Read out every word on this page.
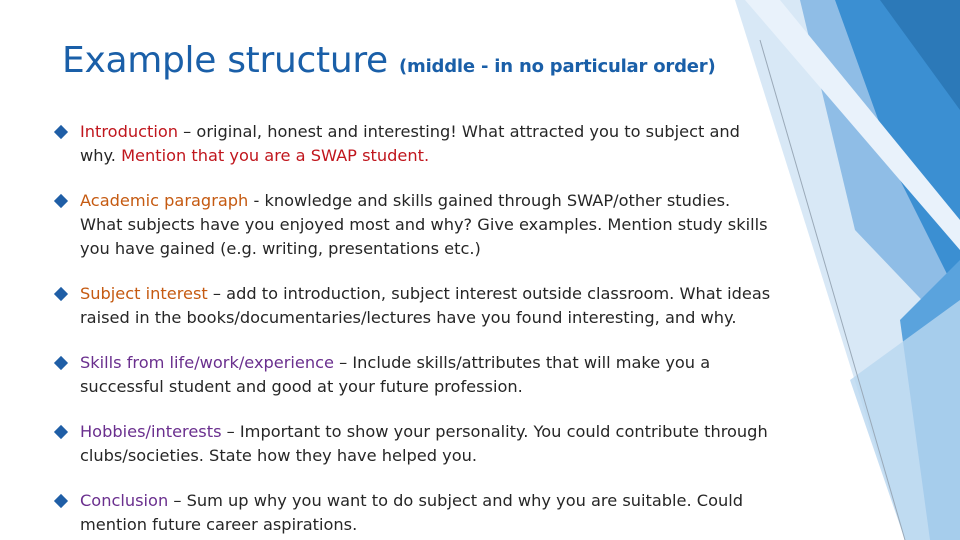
Example structure (middle - in no particular order)
Introduction – original, honest and interesting! What attracted you to subject and why. Mention that you are a SWAP student.
Academic paragraph - knowledge and skills gained through SWAP/other studies. What subjects have you enjoyed most and why? Give examples. Mention study skills you have gained (e.g. writing, presentations etc.)
Subject interest – add to introduction, subject interest outside classroom. What ideas raised in the books/documentaries/lectures have you found interesting, and why.
Skills from life/work/experience – Include skills/attributes that will make you a successful student and good at your future profession.
Hobbies/interests – Important to show your personality. You could contribute through clubs/societies. State how they have helped you.
Conclusion – Sum up why you want to do subject and why you are suitable. Could mention future career aspirations.
